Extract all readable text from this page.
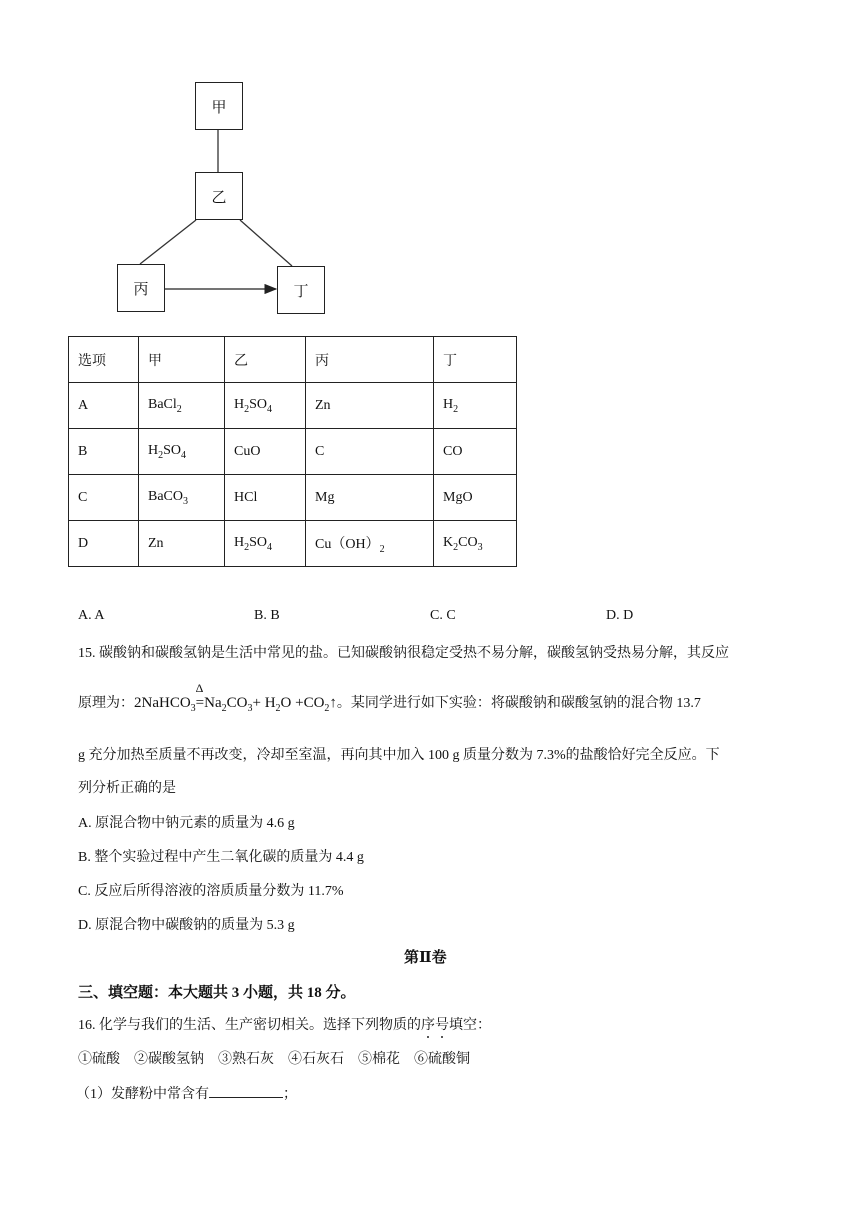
甲
乙
丙	丁
选项	甲	乙	丙	丁
A	BaCl$_2$	$H_2SO_4$	Zn	$H_2$
B	$H_2SO_4$	CuO	C	CO
C	BaCO$_3$	HCl	Mg	MgO
D	Zn	$H_2SO_4$	$Cu(OH)_2$	$K_2CO_3$
A. A	B. B	C. C	D. D
15. 碳酸钠和碳酸氢钠是生活中常见的盐。已知碳酸钠很稳定受热不易分解，碳酸氢钠受热易分解，其反应
原理为：2NaHCO$_3$
Δ
$=Na_2CO_3+ H_2O$ $+CO_2↑$。某同学进行如下实验：将碳酸钠和碳酸氢钠的混合物 13.7
g 充分加热至质量不再改变，冷却至室温，再向其中加入 100 g 质量分数为 7.3%的盐酸恰好完全反应。下
列分析正确的是
A. 原混合物中钠元素的质量为 4.6 g
B. 整个实验过程中产生二氧化碳的质量为 4.4 g
C. 反应后所得溶液的溶质质量分数为 11.7%
D. 原混合物中碳酸钠的质量为 5.3 g
第Ⅱ卷
三、填空题：本大题共 3 小题，共 18 分。
16. 化学与我们的生活、生产密切相关。选择下列物质的序号填空：
①硫酸　②碳酸氢钠　③熟石灰　④石灰石　⑤棉花　⑥硫酸铜
（1）发酵粉中常含有	；
